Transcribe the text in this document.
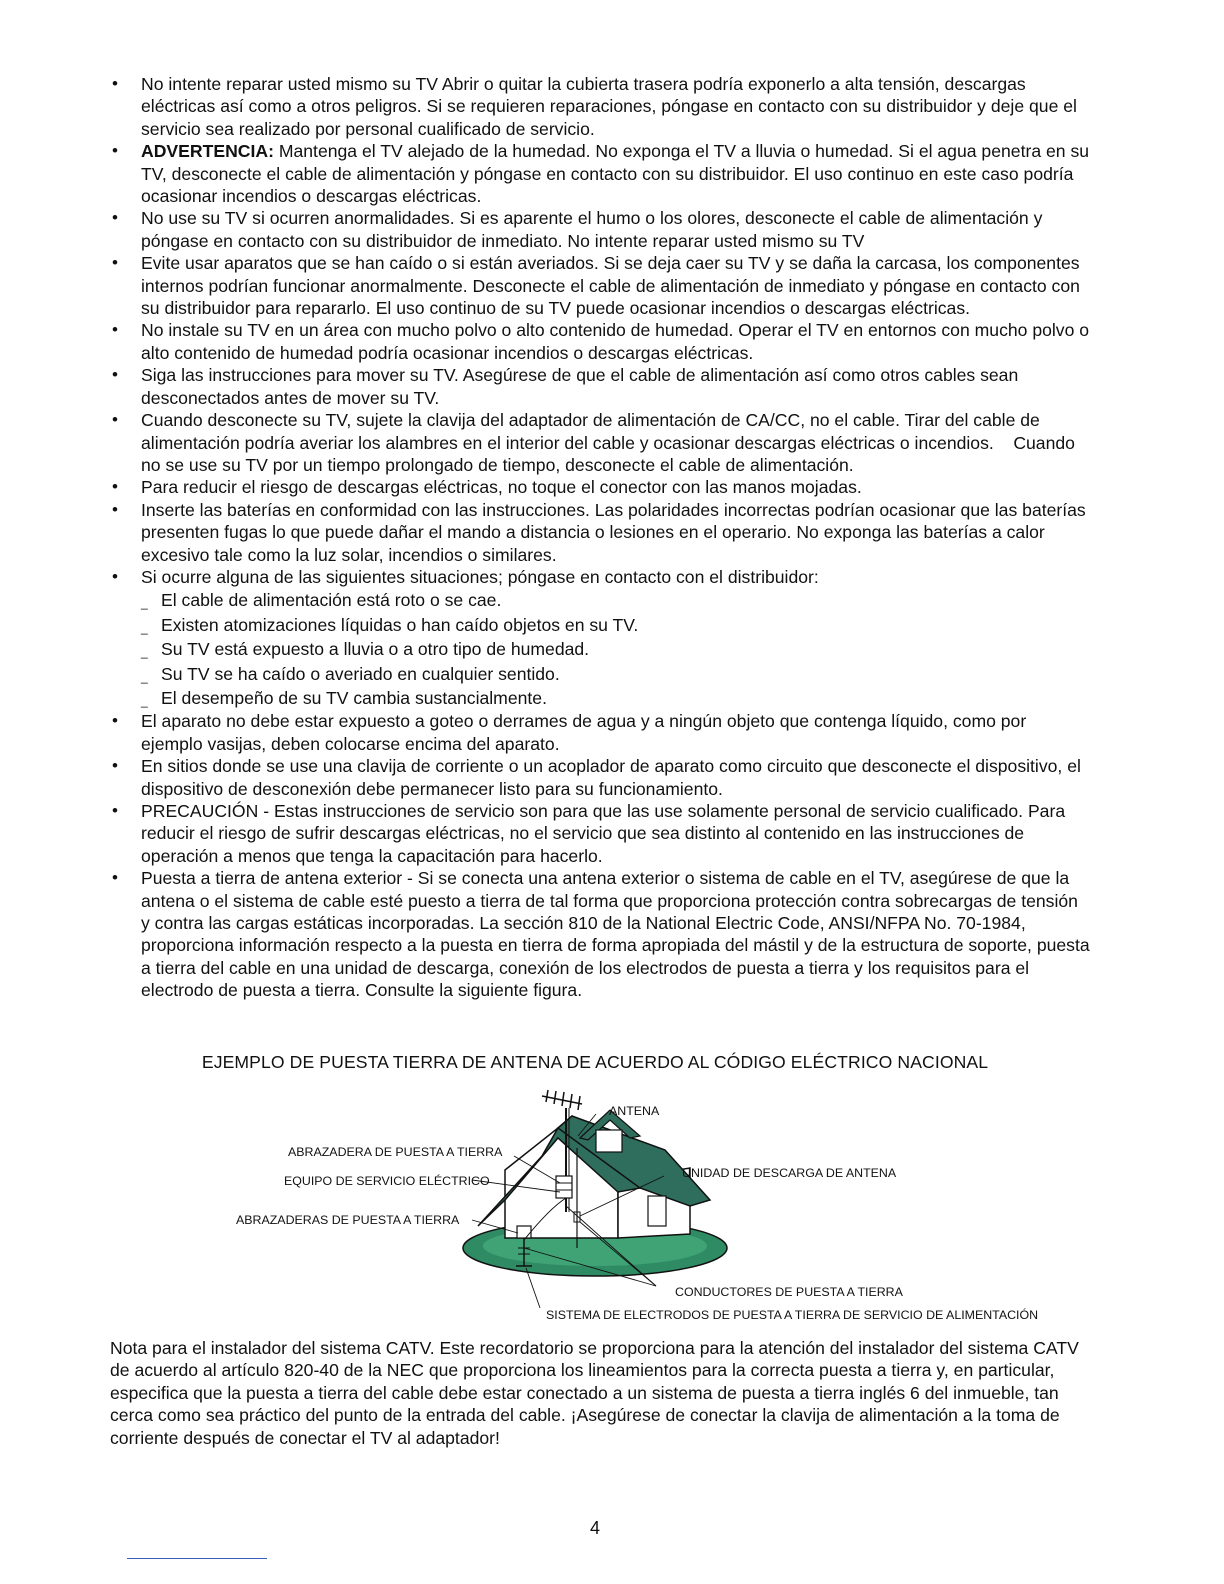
• No intente reparar usted mismo su TV Abrir o quitar la cubierta trasera podría exponerlo a alta tensión, descargas eléctricas así como a otros peligros. Si se requieren reparaciones, póngase en contacto con su distribuidor y deje que el servicio sea realizado por personal cualificado de servicio.
• ADVERTENCIA: Mantenga el TV alejado de la humedad. No exponga el TV a lluvia o humedad. Si el agua penetra en su TV, desconecte el cable de alimentación y póngase en contacto con su distribuidor. El uso continuo en este caso podría ocasionar incendios o descargas eléctricas.
• No use su TV si ocurren anormalidades. Si es aparente el humo o los olores, desconecte el cable de alimentación y póngase en contacto con su distribuidor de inmediato. No intente reparar usted mismo su TV
• Evite usar aparatos que se han caído o si están averiados. Si se deja caer su TV y se daña la carcasa, los componentes internos podrían funcionar anormalmente. Desconecte el cable de alimentación de inmediato y póngase en contacto con su distribuidor para repararlo. El uso continuo de su TV puede ocasionar incendios o descargas eléctricas.
• No instale su TV en un área con mucho polvo o alto contenido de humedad. Operar el TV en entornos con mucho polvo o alto contenido de humedad podría ocasionar incendios o descargas eléctricas.
• Siga las instrucciones para mover su TV. Asegúrese de que el cable de alimentación así como otros cables sean desconectados antes de mover su TV.
• Cuando desconecte su TV, sujete la clavija del adaptador de alimentación de CA/CC, no el cable. Tirar del cable de alimentación podría averiar los alambres en el interior del cable y ocasionar descargas eléctricas o incendios.    Cuando no se use su TV por un tiempo prolongado de tiempo, desconecte el cable de alimentación.
• Para reducir el riesgo de descargas eléctricas, no toque el conector con las manos mojadas.
• Inserte las baterías en conformidad con las instrucciones. Las polaridades incorrectas podrían ocasionar que las baterías presenten fugas lo que puede dañar el mando a distancia o lesiones en el operario. No exponga las baterías a calor excesivo tale como la luz solar, incendios o similares.
• Si ocurre alguna de las siguientes situaciones; póngase en contacto con el distribuidor:
_ El cable de alimentación está roto o se cae.
_ Existen atomizaciones líquidas o han caído objetos en su TV.
_ Su TV está expuesto a lluvia o a otro tipo de humedad.
_ Su TV se ha caído o averiado en cualquier sentido.
_ El desempeño de su TV cambia sustancialmente.
• El aparato no debe estar expuesto a goteo o derrames de agua y a ningún objeto que contenga líquido, como por ejemplo vasijas, deben colocarse encima del aparato.
• En sitios donde se use una clavija de corriente o un acoplador de aparato como circuito que desconecte el dispositivo, el dispositivo de desconexión debe permanecer listo para su funcionamiento.
• PRECAUCIÓN - Estas instrucciones de servicio son para que las use solamente personal de servicio cualificado. Para reducir el riesgo de sufrir descargas eléctricas, no el servicio que sea distinto al contenido en las instrucciones de operación a menos que tenga la capacitación para hacerlo.
• Puesta a tierra de antena exterior - Si se conecta una antena exterior o sistema de cable en el TV, asegúrese de que la antena o el sistema de cable esté puesto a tierra de tal forma que proporciona protección contra sobrecargas de tensión y contra las cargas estáticas incorporadas. La sección 810 de la National Electric Code, ANSI/NFPA No. 70-1984, proporciona información respecto a la puesta en tierra de forma apropiada del mástil y de la estructura de soporte, puesta a tierra del cable en una unidad de descarga, conexión de los electrodos de puesta a tierra y los requisitos para el electrodo de puesta a tierra. Consulte la siguiente figura.
EJEMPLO DE PUESTA TIERRA DE ANTENA DE ACUERDO AL CÓDIGO ELÉCTRICO NACIONAL
ANTENA
ABRAZADERA DE PUESTA A TIERRA
EQUIPO DE SERVICIO ELÉCTRICO
UNIDAD DE DESCARGA DE ANTENA
ABRAZADERAS DE PUESTA A TIERRA
CONDUCTORES DE PUESTA A TIERRA
SISTEMA DE ELECTRODOS DE PUESTA A TIERRA DE SERVICIO DE ALIMENTACIÓN

Nota para el instalador del sistema CATV. Este recordatorio se proporciona para la atención del instalador del sistema CATV de acuerdo al artículo 820-40 de la NEC que proporciona los lineamientos para la correcta puesta a tierra y, en particular, especifica que la puesta a tierra del cable debe estar conectado a un sistema de puesta a tierra inglés 6 del inmueble, tan cerca como sea práctico del punto de la entrada del cable. ¡Asegúrese de conectar la clavija de alimentación a la toma de corriente después de conectar el TV al adaptador!

4
